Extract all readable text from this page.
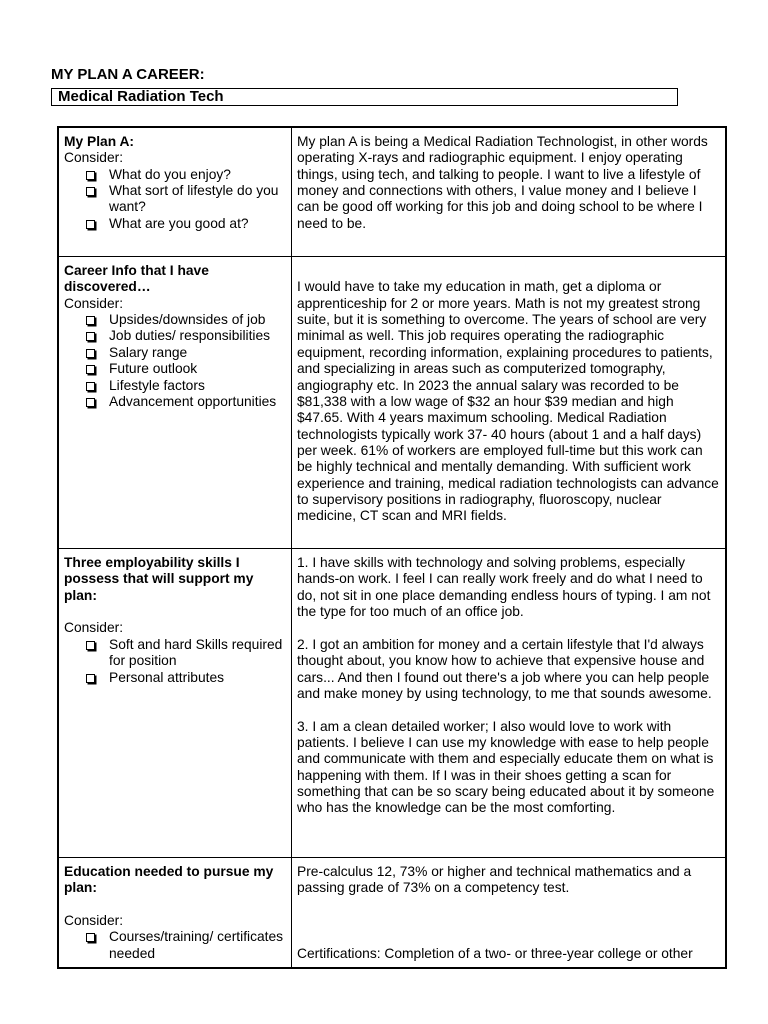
MY PLAN A CAREER:
Medical Radiation Tech
My Plan A:
Consider:
What do you enjoy?
What sort of lifestyle do you want?
What are you good at?
My plan A is being a Medical Radiation Technologist, in other words
operating X-rays and radiographic equipment. I enjoy operating
things, using tech, and talking to people. I want to live a lifestyle of
money and connections with others, I value money and I believe I
can be good off working for this job and doing school to be where I
need to be.
Career Info that I have discovered…
Consider:
Upsides/downsides of job
Job duties/ responsibilities
Salary range
Future outlook
Lifestyle factors
Advancement opportunities
I would have to take my education in math, get a diploma or
apprenticeship for 2 or more years. Math is not my greatest strong
suite, but it is something to overcome. The years of school are very
minimal as well. This job requires operating the radiographic
equipment, recording information, explaining procedures to patients,
and specializing in areas such as computerized tomography,
angiography etc. In 2023 the annual salary was recorded to be
$81,338 with a low wage of $32 an hour $39 median and high
$47.65. With 4 years maximum schooling. Medical Radiation
technologists typically work 37- 40 hours (about 1 and a half days)
per week. 61% of workers are employed full-time but this work can
be highly technical and mentally demanding. With sufficient work
experience and training, medical radiation technologists can advance
to supervisory positions in radiography, fluoroscopy, nuclear
medicine, CT scan and MRI fields.
Three employability skills I possess that will support my plan:
Consider:
Soft and hard Skills required for position
Personal attributes
1. I have skills with technology and solving problems, especially
hands-on work. I feel I can really work freely and do what I need to
do, not sit in one place demanding endless hours of typing. I am not
the type for too much of an office job.
2. I got an ambition for money and a certain lifestyle that I'd always
thought about, you know how to achieve that expensive house and
cars... And then I found out there's a job where you can help people
and make money by using technology, to me that sounds awesome.
3. I am a clean detailed worker; I also would love to work with
patients. I believe I can use my knowledge with ease to help people
and communicate with them and especially educate them on what is
happening with them. If I was in their shoes getting a scan for
something that can be so scary being educated about it by someone
who has the knowledge can be the most comforting.
Education needed to pursue my plan:
Consider:
Courses/training/ certificates needed
Pre-calculus 12, 73% or higher and technical mathematics and a
passing grade of 73% on a competency test.
Certifications: Completion of a two- or three-year college or other
